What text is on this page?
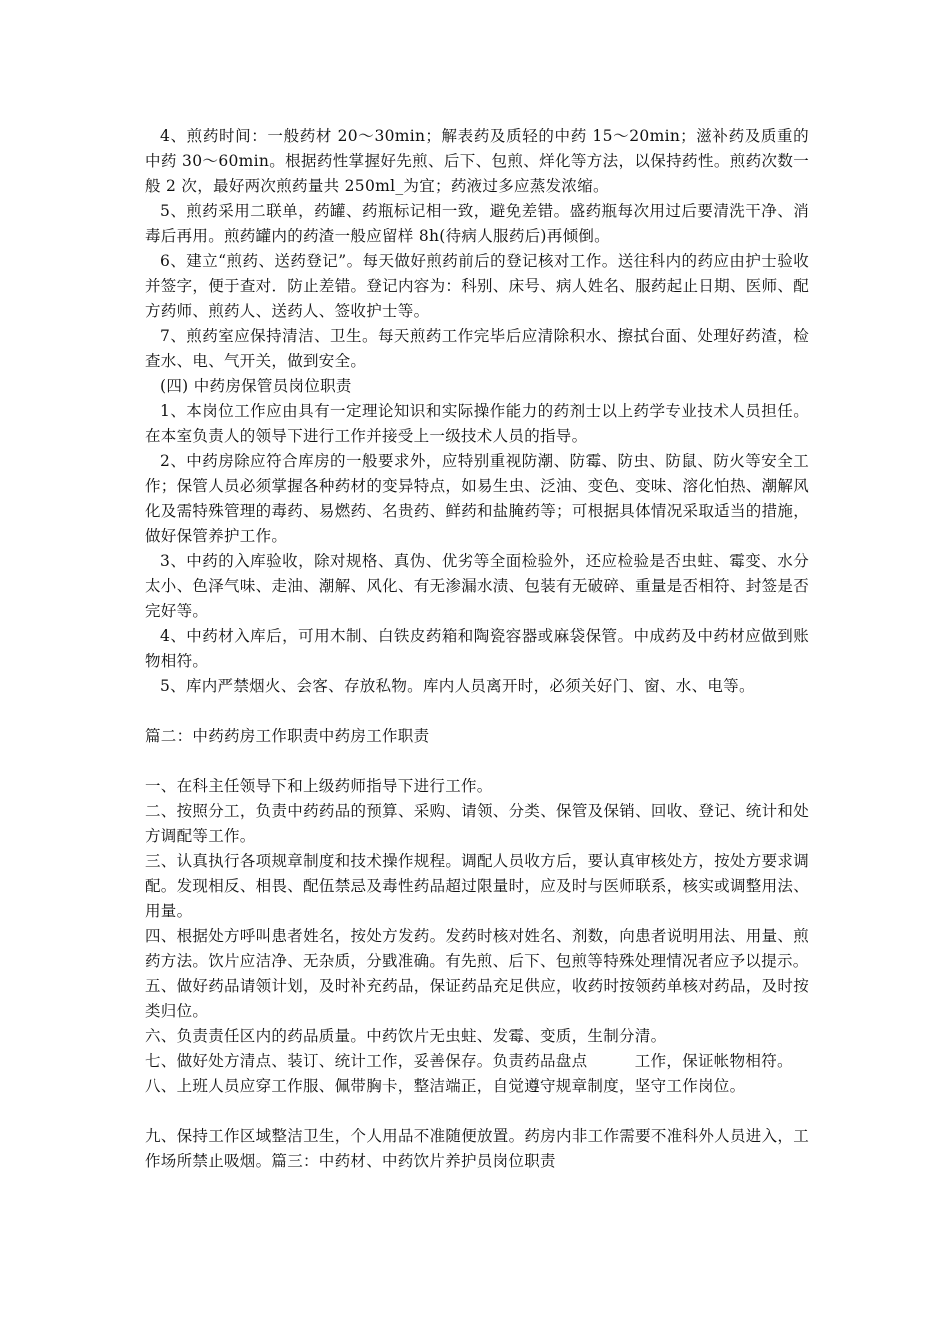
4、煎药时间：一般药材 20～30min；解表药及质轻的中药 15～20min；滋补药及质重的中药 30～60min。根据药性掌握好先煎、后下、包煎、烊化等方法，以保持药性。煎药次数一般 2 次，最好两次煎药量共 250ml_为宜；药液过多应蒸发浓缩。

5、煎药采用二联单，药罐、药瓶标记相一致，避免差错。盛药瓶每次用过后要清洗干净、消毒后再用。煎药罐内的药渣一般应留样 8h(待病人服药后)再倾倒。

6、建立“煎药、送药登记”。每天做好煎药前后的登记核对工作。送往科内的药应由护士验收并签字，便于查对．防止差错。登记内容为：科别、床号、病人姓名、服药起止日期、医师、配方药师、煎药人、送药人、签收护士等。

7、煎药室应保持清洁、卫生。每天煎药工作完毕后应清除积水、擦拭台面、处理好药渣，检查水、电、气开关，做到安全。

(四) 中药房保管员岗位职责

1、本岗位工作应由具有一定理论知识和实际操作能力的药剂士以上药学专业技术人员担任。在本室负责人的领导下进行工作并接受上一级技术人员的指导。

2、中药房除应符合库房的一般要求外，应特别重视防潮、防霉、防虫、防鼠、防火等安全工作；保管人员必须掌握各种药材的变异特点，如易生虫、泛油、变色、变味、溶化怕热、潮解风化及需特殊管理的毒药、易燃药、名贵药、鲜药和盐腌药等；可根据具体情况采取适当的措施，做好保管养护工作。

3、中药的入库验收，除对规格、真伪、优劣等全面检验外，还应检验是否虫蛀、霉变、水分太小、色泽气味、走油、潮解、风化、有无渗漏水渍、包装有无破碎、重量是否相符、封签是否完好等。

4、中药材入库后，可用木制、白铁皮药箱和陶瓷容器或麻袋保管。中成药及中药材应做到账物相符。

5、库内严禁烟火、会客、存放私物。库内人员离开时，必须关好门、窗、水、电等。

篇二：中药药房工作职责中药房工作职责

一、在科主任领导下和上级药师指导下进行工作。

二、按照分工，负责中药药品的预算、采购、请领、分类、保管及保销、回收、登记、统计和处方调配等工作。

三、认真执行各项规章制度和技术操作规程。调配人员收方后，要认真审核处方，按处方要求调配。发现相反、相畏、配伍禁忌及毒性药品超过限量时，应及时与医师联系，核实或调整用法、用量。

四、根据处方呼叫患者姓名，按处方发药。发药时核对姓名、剂数，向患者说明用法、用量、煎药方法。饮片应洁净、无杂质，分戥准确。有先煎、后下、包煎等特殊处理情况者应予以提示。

五、做好药品请领计划，及时补充药品，保证药品充足供应，收药时按领药单核对药品，及时按类归位。

六、负责责任区内的药品质量。中药饮片无虫蛀、发霉、变质，生制分清。

七、做好处方清点、装订、统计工作，妥善保存。负责药品盘点　　　工作，保证帐物相符。

八、上班人员应穿工作服、佩带胸卡，整洁端正，自觉遵守规章制度，坚守工作岗位。

九、保持工作区域整洁卫生，个人用品不准随便放置。药房内非工作需要不准科外人员进入，工作场所禁止吸烟。篇三：中药材、中药饮片养护员岗位职责
